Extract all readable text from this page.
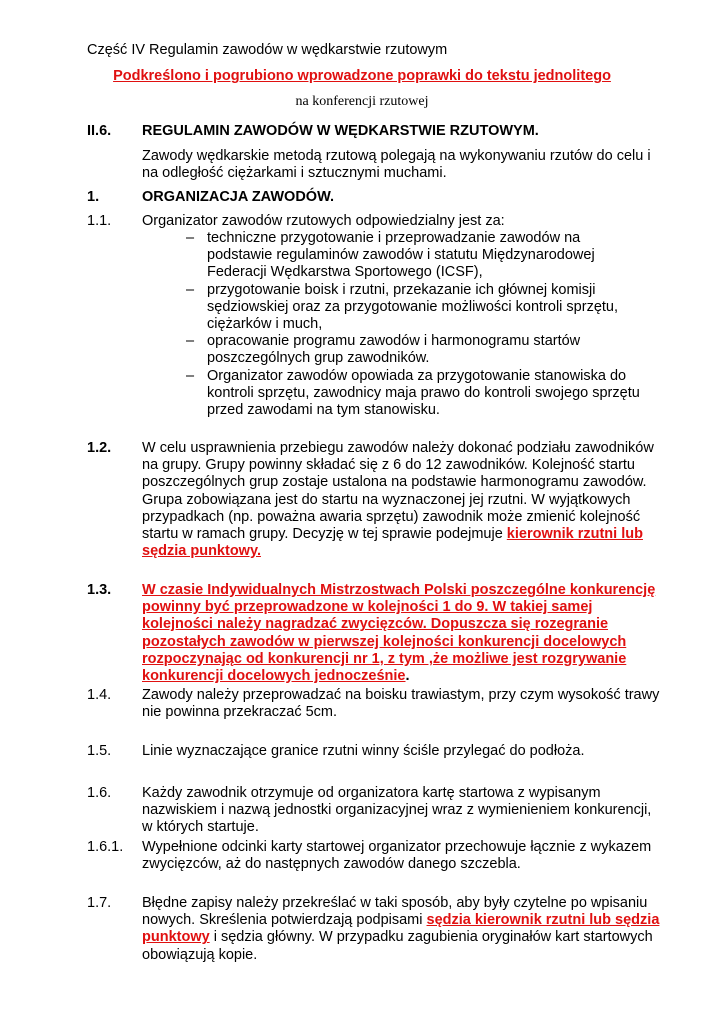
Część IV Regulamin zawodów w wędkarstwie rzutowym
Podkreślono i pogrubiono wprowadzone poprawki do tekstu jednolitego
na konferencji rzutowej
II.6. REGULAMIN ZAWODÓW W WĘDKARSTWIE RZUTOWYM.
Zawody wędkarskie metodą rzutową polegają na wykonywaniu rzutów do celu i na odległość ciężarkami i sztucznymi muchami.
1.	ORGANIZACJA ZAWODÓW.
1.1. Organizator zawodów rzutowych odpowiedzialny jest za:
– techniczne przygotowanie i przeprowadzanie zawodów na podstawie regulaminów zawodów i statutu Międzynarodowej Federacji Wędkarstwa Sportowego (ICSF),
– przygotowanie boisk i rzutni, przekazanie ich głównej komisji sędziowskiej oraz za przygotowanie możliwości kontroli sprzętu, ciężarków i much,
– opracowanie programu zawodów i harmonogramu startów poszczególnych grup zawodników.
– Organizator zawodów opowiada za przygotowanie stanowiska do kontroli sprzętu, zawodnicy maja prawo do kontroli swojego sprzętu przed zawodami na tym stanowisku.
1.2. W celu usprawnienia przebiegu zawodów należy dokonać podziału zawodników na grupy. Grupy powinny składać się z 6 do 12 zawodników. Kolejność startu poszczególnych grup zostaje ustalona na podstawie harmonogramu zawodów. Grupa zobowiązana jest do startu na wyznaczonej jej rzutni. W wyjątkowych przypadkach (np. poważna awaria sprzętu) zawodnik może zmienić kolejność startu w ramach grupy. Decyzję w tej sprawie podejmuje kierownik rzutni lub sędzia punktowy.
1.3. W czasie Indywidualnych Mistrzostwach Polski poszczególne konkurencję powinny być przeprowadzone w kolejności 1 do 9. W takiej samej kolejności należy nagradzać zwycięzców. Dopuszcza się rozegranie pozostałych zawodów w pierwszej kolejności konkurencji docelowych rozpoczynając od konkurencji nr 1, z tym ,że możliwe jest rozgrywanie konkurencji docelowych jednocześnie.
1.4. Zawody należy przeprowadzać na boisku trawiastym, przy czym wysokość trawy nie powinna przekraczać 5cm.
1.5. Linie wyznaczające granice rzutni winny ściśle przylegać do podłoża.
1.6. Każdy zawodnik otrzymuje od organizatora kartę startowa z wypisanym nazwiskiem i nazwą jednostki organizacyjnej wraz z wymienieniem konkurencji, w których startuje.
1.6.1. Wypełnione odcinki karty startowej organizator przechowuje łącznie z wykazem zwycięzców, aż do następnych zawodów danego szczebla.
1.7. Błędne zapisy należy przekreślać w taki sposób, aby były czytelne po wpisaniu nowych. Skreślenia potwierdzają podpisami sędzia kierownik rzutni lub sędzia punktowy i sędzia główny. W przypadku zagubienia oryginałów kart startowych obowiązują kopie.
